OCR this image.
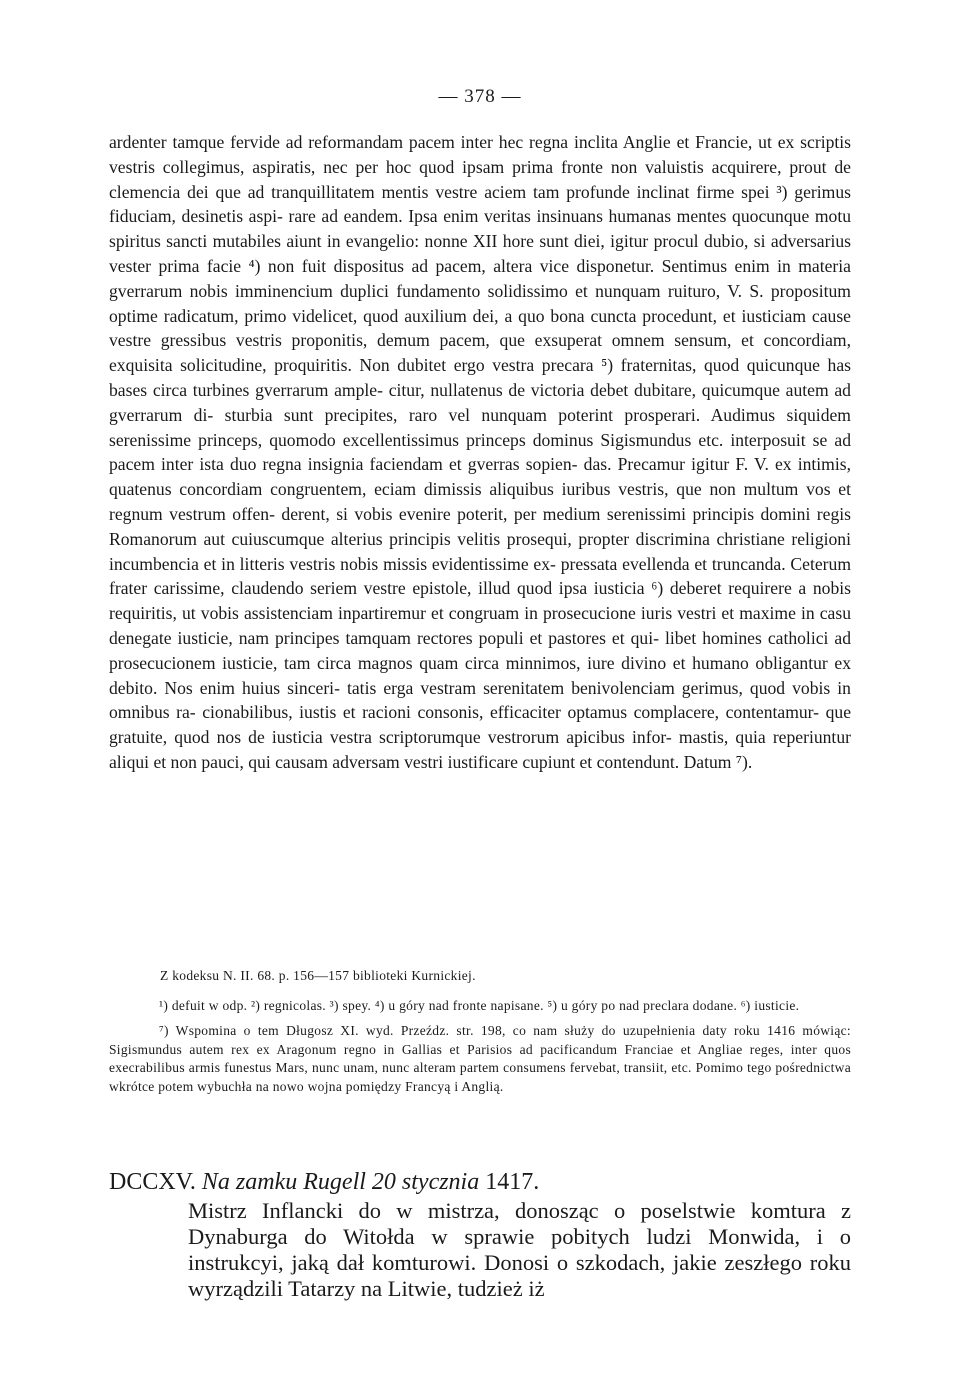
— 378 —

ardenter tamque fervide ad reformandam pacem inter hec regna inclita Anglie et Francie, ut ex scriptis vestris collegimus, aspiratis, nec per hoc quod ipsam prima fronte non valuistis acquirere, prout de clemencia dei que ad tranquillitatem mentis vestre aciem tam profunde inclinat firme spei ³) gerimus fiduciam, desinetis aspi- rare ad eandem. Ipsa enim veritas insinuans humanas mentes quocunque motu spiritus sancti mutabiles aiunt in evangelio: nonne XII hore sunt diei, igitur procul dubio, si adversarius vester prima facie ⁴) non fuit dispositus ad pacem, altera vice disponetur. Sentimus enim in materia gverrarum nobis imminencium duplici fundamento solidissimo et nunquam ruituro, V. S. propositum optime radicatum, primo videlicet, quod auxilium dei, a quo bona cuncta procedunt, et iusticiam cause vestre gressibus vestris proponitis, demum pacem, que exsuperat omnem sensum, et concordiam, exquisita solicitudine, proquiritis. Non dubitet ergo vestra precara ⁵) fraternitas, quod quicunque has bases circa turbines gverrarum ample- citur, nullatenus de victoria debet dubitare, quicumque autem ad gverrarum di- sturbia sunt precipites, raro vel nunquam poterint prosperari. Audimus siquidem serenissime princeps, quomodo excellentissimus princeps dominus Sigismundus etc. interposuit se ad pacem inter ista duo regna insignia faciendam et gverras sopien- das. Precamur igitur F. V. ex intimis, quatenus concordiam congruentem, eciam dimissis aliquibus iuribus vestris, que non multum vos et regnum vestrum offen- derent, si vobis evenire poterit, per medium serenissimi principis domini regis Romanorum aut cuiuscumque alterius principis velitis prosequi, propter discrimina christiane religioni incumbencia et in litteris vestris nobis missis evidentissime ex- pressata evellenda et truncanda. Ceterum frater carissime, claudendo seriem vestre epistole, illud quod ipsa iusticia ⁶) deberet requirere a nobis requiritis, ut vobis assistenciam inpartiremur et congruam in prosecucione iuris vestri et maxime in casu denegate iusticie, nam principes tamquam rectores populi et pastores et qui- libet homines catholici ad prosecucionem iusticie, tam circa magnos quam circa minnimos, iure divino et humano obligantur ex debito. Nos enim huius sinceri- tatis erga vestram serenitatem benivolenciam gerimus, quod vobis in omnibus ra- cionabilibus, iustis et racioni consonis, efficaciter optamus complacere, contentamur- que gratuite, quod nos de iusticia vestra scriptorumque vestrorum apicibus infor- mastis, quia reperiuntur aliqui et non pauci, qui causam adversam vestri iustificare cupiunt et contendunt. Datum ⁷).

Z kodeksu N. II. 68. p. 156—157 biblioteki Kurnickiej.

¹) defuit w odp. ²) regnicolas. ³) spey. ⁴) u góry nad fronte napisane. ⁵) u góry po nad preclara dodane. ⁶) iusticie.

⁷) Wspomina o tem Długosz XI. wyd. Przeźdz. str. 198, co nam służy do uzupełnienia daty roku 1416 mówiąc: Sigismundus autem rex ex Aragonum regno in Gallias et Parisios ad pacificandum Franciae et Angliae reges, inter quos execrabilibus armis funestus Mars, nunc unam, nunc alteram partem consumens fervebat, transiit, etc. Pomimo tego pośrednictwa wkrótce potem wybuchła na nowo wojna pomiędzy Francyą i Anglią.

DCCXV. Na zamku Rugell 20 stycznia 1417.
Mistrz Inflancki do w mistrza, donosząc o poselstwie komtura z Dynaburga do Witołda w sprawie pobitych ludzi Monwida, i o instrukcyi, jaką dał komturowi. Donosi o szkodach, jakie zeszłego roku wyrządzili Tatarzy na Litwie, tudzież iż
